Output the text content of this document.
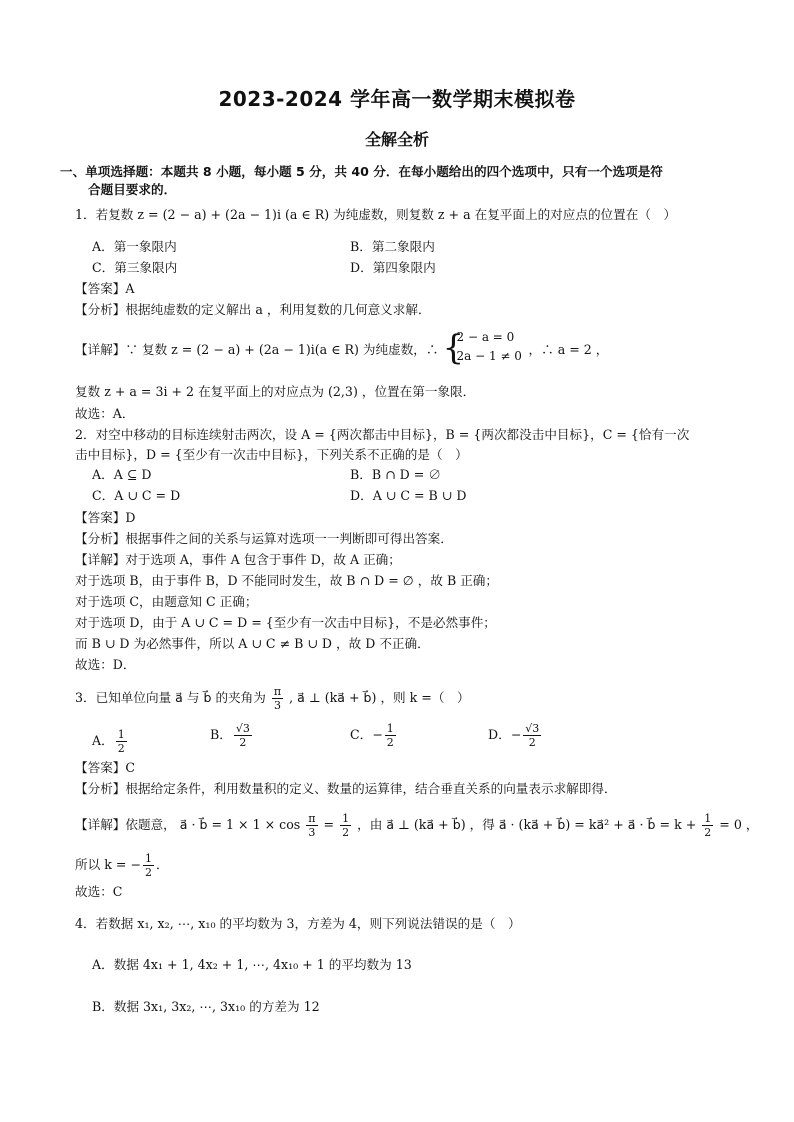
2023-2024 学年高一数学期末模拟卷
全解全析
一、单项选择题：本题共 8 小题，每小题 5 分，共 40 分．在每小题给出的四个选项中，只有一个选项是符
合题目要求的．
1．若复数 z = (2 − a) + (2a − 1)i (a ∈ R) 为纯虚数，则复数 z + a 在复平面上的对应点的位置在（　）
A．第一象限内	B．第二象限内
C．第三象限内	D．第四象限内
【答案】A
【分析】根据纯虚数的定义解出 a ，利用复数的几何意义求解．
【详解】∵ 复数 z = (2 − a) + (2a − 1)i(a ∈ R) 为纯虚数，∴ {
2 − a = 0
2a − 1 ≠ 0 ，∴ a = 2 ，
复数 z + a = 3i + 2 在复平面上的对应点为 (2,3) ，位置在第一象限．
故选：A．
2．对空中移动的目标连续射击两次，设 A = {两次都击中目标}，B = {两次都没击中目标}，C = {恰有一次
击中目标}，D = {至少有一次击中目标}，下列关系不正确的是（　）
A．A ⊆ D	B．B ∩ D = ∅
C．A ∪ C = D	D．A ∪ C = B ∪ D
【答案】D
【分析】根据事件之间的关系与运算对选项一一判断即可得出答案．
【详解】对于选项 A，事件 A 包含于事件 D，故 A 正确；
对于选项 B，由于事件 B，D 不能同时发生，故 B ∩ D = ∅ ，故 B 正确；
对于选项 C，由题意知 C 正确；
对于选项 D，由于 A ∪ C = D = {至少有一次击中目标}，不是必然事件；
而 B ∪ D 为必然事件，所以 A ∪ C ≠ B ∪ D ，故 D 不正确．
故选：D．
3．已知单位向量 a⃗ 与 b⃗ 的夹角为 $\frac{\pi}{3}$ , a⃗ ⊥ (ka⃗ + b⃗) ，则 k =（　）
A． $\frac{1}{2}$	B． $\frac{√3}{2}$	C．− $\frac{1}{2}$	D．− $\frac{√3}{2}$
【答案】C
【分析】根据给定条件，利用数量积的定义、数量的运算律，结合垂直关系的向量表示求解即得．
【详解】依题意， a⃗ · b⃗ = $1 \times 1 \times \cos \frac{\pi}{3} = \frac{1}{2}$ ，由 a⃗ ⊥ (ka⃗ + b⃗) ，得 a⃗ · (ka⃗ + b⃗) = ka⃗² + a⃗ · b⃗ = $k + \frac{1}{2} = 0$ ，
所以 k = − $\frac{1}{2}$ ．
故选：C
4．若数据 x₁, x₂, ⋯, x₁₀ 的平均数为 3，方差为 4，则下列说法错误的是（　）
A．数据 4x₁ + 1, 4x₂ + 1, ⋯, 4x₁₀ + 1 的平均数为 13
B．数据 3x₁, 3x₂, ⋯, 3x₁₀ 的方差为 12
